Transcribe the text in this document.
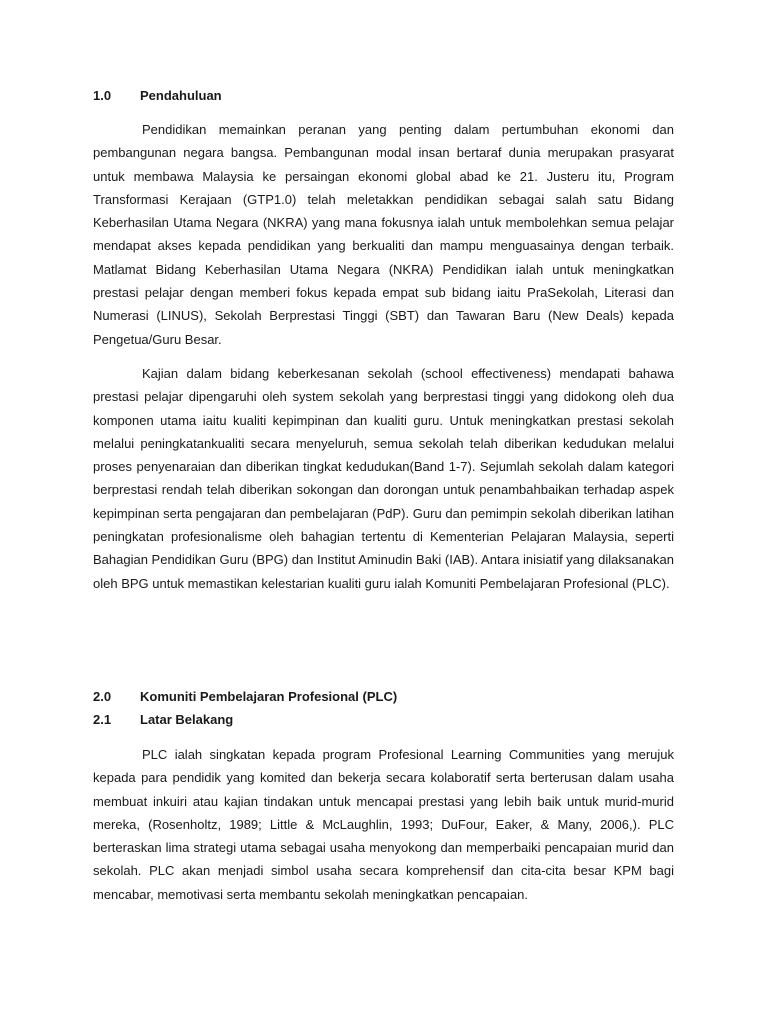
1.0 Pendahuluan

Pendidikan memainkan peranan yang penting dalam pertumbuhan ekonomi dan pembangunan negara bangsa. Pembangunan modal insan bertaraf dunia merupakan prasyarat untuk membawa Malaysia ke persaingan ekonomi global abad ke 21. Justeru itu, Program Transformasi Kerajaan (GTP1.0) telah meletakkan pendidikan sebagai salah satu Bidang Keberhasilan Utama Negara (NKRA) yang mana fokusnya ialah untuk membolehkan semua pelajar mendapat akses kepada pendidikan yang berkualiti dan mampu menguasainya dengan terbaik. Matlamat Bidang Keberhasilan Utama Negara (NKRA) Pendidikan ialah untuk meningkatkan prestasi pelajar dengan memberi fokus kepada empat sub bidang iaitu PraSekolah, Literasi dan Numerasi (LINUS), Sekolah Berprestasi Tinggi (SBT) dan Tawaran Baru (New Deals) kepada Pengetua/Guru Besar.

Kajian dalam bidang keberkesanan sekolah (school effectiveness) mendapati bahawa prestasi pelajar dipengaruhi oleh system sekolah yang berprestasi tinggi yang didokong oleh dua komponen utama iaitu kualiti kepimpinan dan kualiti guru. Untuk meningkatkan prestasi sekolah melalui peningkatankualiti secara menyeluruh, semua sekolah telah diberikan kedudukan melalui proses penyenaraian dan diberikan tingkat kedudukan(Band 1-7). Sejumlah sekolah dalam kategori berprestasi rendah telah diberikan sokongan dan dorongan untuk penambahbaikan terhadap aspek kepimpinan serta pengajaran dan pembelajaran (PdP). Guru dan pemimpin sekolah diberikan latihan peningkatan profesionalisme oleh bahagian tertentu di Kementerian Pelajaran Malaysia, seperti Bahagian Pendidikan Guru (BPG) dan Institut Aminudin Baki (IAB). Antara inisiatif yang dilaksanakan oleh BPG untuk memastikan kelestarian kualiti guru ialah Komuniti Pembelajaran Profesional (PLC).

2.0 Komuniti Pembelajaran Profesional (PLC)
2.1 Latar Belakang

PLC ialah singkatan kepada program Profesional Learning Communities yang merujuk kepada para pendidik yang komited dan bekerja secara kolaboratif serta berterusan dalam usaha membuat inkuiri atau kajian tindakan untuk mencapai prestasi yang lebih baik untuk murid-murid mereka, (Rosenholtz, 1989; Little & McLaughlin, 1993; DuFour, Eaker, & Many, 2006,). PLC berteraskan lima strategi utama sebagai usaha menyokong dan memperbaiki pencapaian murid dan sekolah. PLC akan menjadi simbol usaha secara komprehensif dan cita-cita besar KPM bagi mencabar, memotivasi serta membantu sekolah meningkatkan pencapaian.
